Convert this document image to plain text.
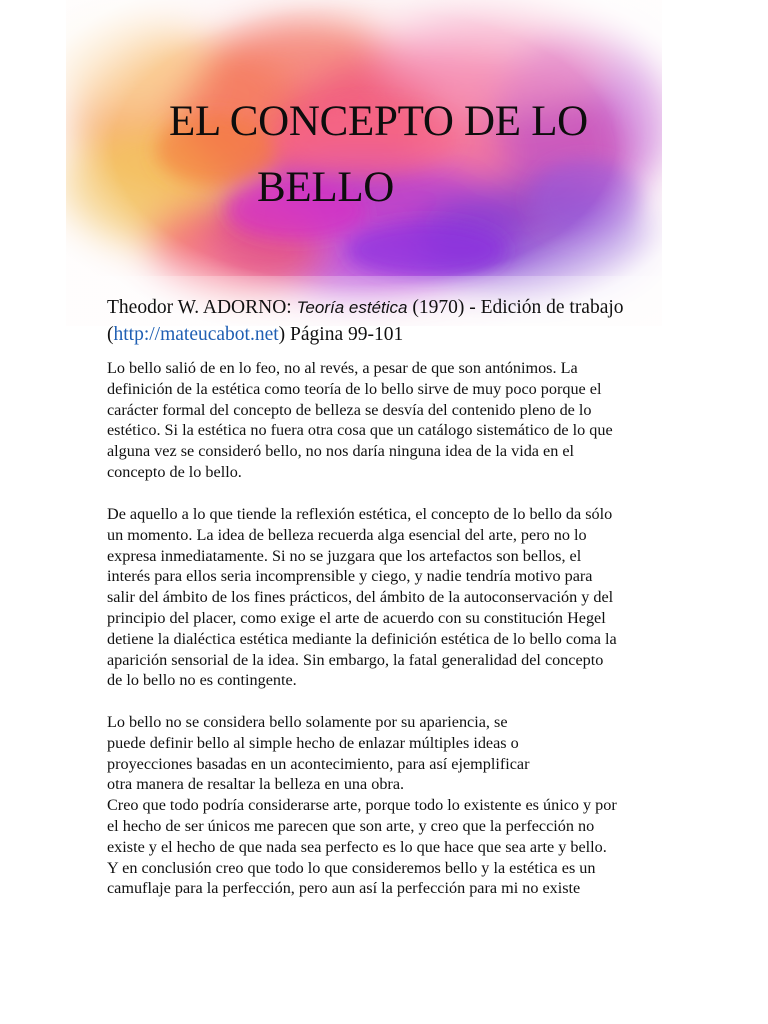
EL CONCEPTO DE LO
BELLO
Theodor W. ADORNO: Teoría estética (1970) - Edición de trabajo
(http://mateucabot.net) Página 99-101
Lo bello salió de en lo feo, no al revés, a pesar de que son antónimos. La
definición de la estética como teoría de lo bello sirve de muy poco porque el
carácter formal del concepto de belleza se desvía del contenido pleno de lo
estético. Si la estética no fuera otra cosa que un catálogo sistemático de lo que
alguna vez se consideró bello, no nos daría ninguna idea de la vida en el
concepto de lo bello.
De aquello a lo que tiende la reflexión estética, el concepto de lo bello da sólo
un momento. La idea de belleza recuerda alga esencial del arte, pero no lo
expresa inmediatamente. Si no se juzgara que los artefactos son bellos, el
interés para ellos seria incomprensible y ciego, y nadie tendría motivo para
salir del ámbito de los fines prácticos, del ámbito de la autoconservación y del
principio del placer, como exige el arte de acuerdo con su constitución Hegel
detiene la dialéctica estética mediante la definición estética de lo bello coma la
aparición sensorial de la idea. Sin embargo, la fatal generalidad del concepto
de lo bello no es contingente.
Lo bello no se considera bello solamente por su apariencia, se
puede definir bello al simple hecho de enlazar múltiples ideas o
proyecciones basadas en un acontecimiento, para así ejemplificar
otra manera de resaltar la belleza en una obra.
Creo que todo podría considerarse arte, porque todo lo existente es único y por
el hecho de ser únicos me parecen que son arte, y creo que la perfección no
existe y el hecho de que nada sea perfecto es lo que hace que sea arte y bello.
Y en conclusión creo que todo lo que consideremos bello y la estética es un
camuflaje para la perfección, pero aun así la perfección para mi no existe
